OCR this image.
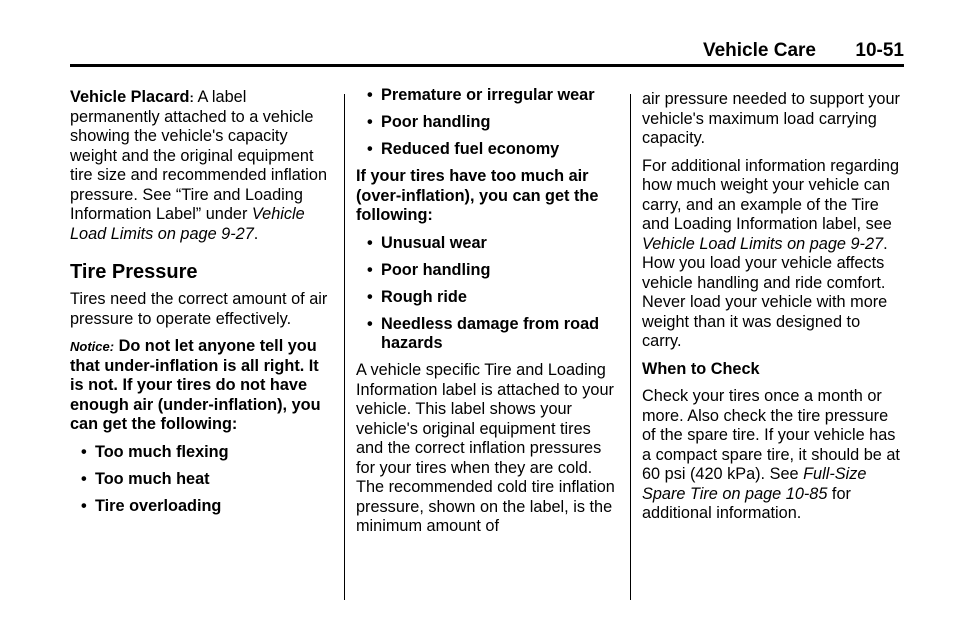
Vehicle Care 10-51

Vehicle Placard: A label permanently attached to a vehicle showing the vehicle's capacity weight and the original equipment tire size and recommended inflation pressure. See “Tire and Loading Information Label” under Vehicle Load Limits on page 9-27.

Tire Pressure

Tires need the correct amount of air pressure to operate effectively.

Notice: Do not let anyone tell you that under-inflation is all right. It is not. If your tires do not have enough air (under-inflation), you can get the following:

• Too much flexing
• Too much heat
• Tire overloading
• Premature or irregular wear
• Poor handling
• Reduced fuel economy

If your tires have too much air (over-inflation), you can get the following:

• Unusual wear
• Poor handling
• Rough ride
• Needless damage from road hazards

A vehicle specific Tire and Loading Information label is attached to your vehicle. This label shows your vehicle's original equipment tires and the correct inflation pressures for your tires when they are cold. The recommended cold tire inflation pressure, shown on the label, is the minimum amount of

air pressure needed to support your vehicle's maximum load carrying capacity.

For additional information regarding how much weight your vehicle can carry, and an example of the Tire and Loading Information label, see Vehicle Load Limits on page 9-27.

How you load your vehicle affects vehicle handling and ride comfort. Never load your vehicle with more weight than it was designed to carry.

When to Check

Check your tires once a month or more. Also check the tire pressure of the spare tire. If your vehicle has a compact spare tire, it should be at 60 psi (420 kPa). See Full-Size Spare Tire on page 10-85 for additional information.
